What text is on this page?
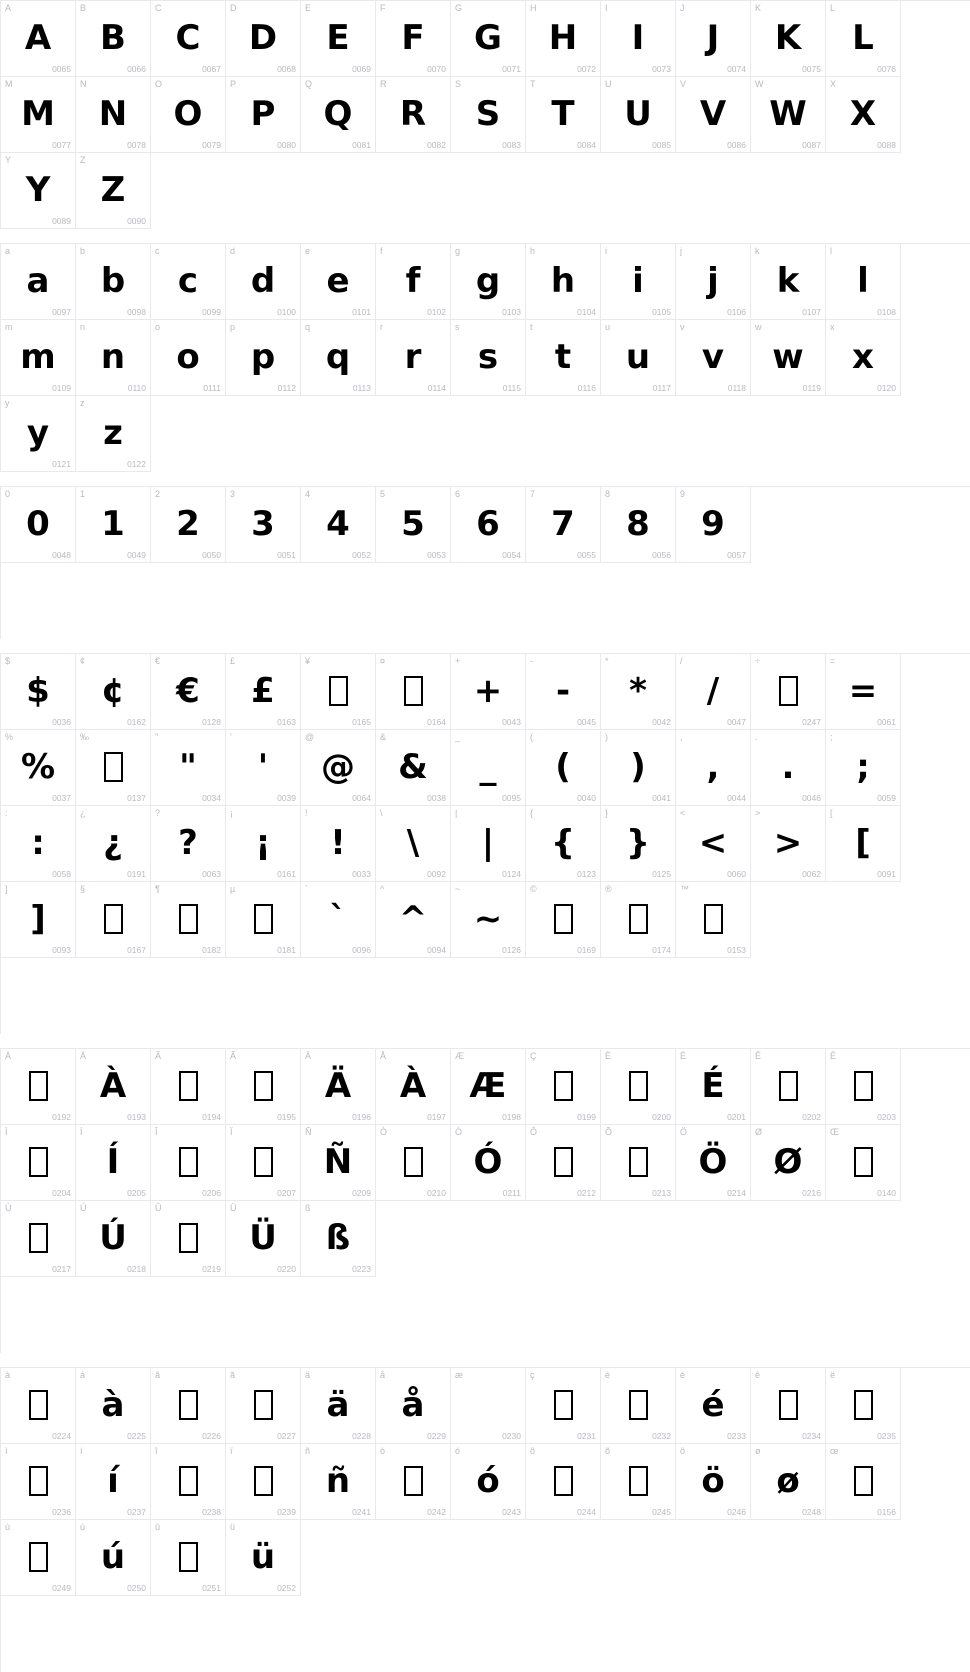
A
A
0065
B
B
0066
C
C
0067
D
D
0068
E
E
0069
F
F
0070
G
G
0071
H
H
0072
I
I
0073
J
J
0074
K
K
0075
L
L
0076
M
M
0077
N
N
0078
O
O
0079
P
P
0080
Q
Q
0081
R
R
0082
S
S
0083
T
T
0084
U
U
0085
V
V
0086
W
W
0087
X
X
0088
Y
Y
0089
Z
Z
0090
a
a
0097
b
b
0098
c
c
0099
d
d
0100
e
e
0101
f
f
0102
g
g
0103
h
h
0104
i
i
0105
j
j
0106
k
k
0107
l
l
0108
m
m
0109
n
n
0110
o
o
0111
p
p
0112
q
q
0113
r
r
0114
s
s
0115
t
t
0116
u
u
0117
v
v
0118
w
w
0119
x
x
0120
y
y
0121
z
z
0122
0
0
0048
1
1
0049
2
2
0050
3
3
0051
4
4
0052
5
5
0053
6
6
0054
7
7
0055
8
8
0056
9
9
0057
$
$
0036
¢
¢
0162
€
€
0128
£
£
0163
¥
0165
¤
0164
+
+
0043
-
-
0045
*
*
0042
/
/
0047
÷
0247
=
=
0061
%
%
0037
‰
0137
"
"
0034
'
'
0039
@
@
0064
&
&
0038
_
_
0095
(
(
0040
)
)
0041
,
,
0044
.
.
0046
;
;
0059
:
:
0058
¿
¿
0191
?
?
0063
¡
¡
0161
!
!
0033
\
\
0092
|
|
0124
{
{
0123
}
}
0125
<
<
0060
>
>
0062
[
[
0091
]
]
0093
§
0167
¶
0182
µ
0181
`
`
0096
^
^
0094
~
~
0126
©
0169
®
0174
™
0153
À
0192
Á
À
0193
Â
0194
Ã
0195
Ä
Ä
0196
Å
À
0197
Æ
Æ
0198
Ç
0199
È
0200
É
É
0201
Ê
0202
Ë
0203
Ì
0204
Í
Í
0205
Î
0206
Ï
0207
Ñ
Ñ
0209
Ò
0210
Ó
Ó
0211
Ô
0212
Õ
0213
Ö
Ö
0214
Ø
Ø
0216
Œ
0140
Ù
0217
Ú
Ú
0218
Û
0219
Ü
Ü
0220
ß
ß
0223
à
0224
á
à
0225
â
0226
ã
0227
ä
ä
0228
å
å
0229
æ
0230
ç
0231
è
0232
é
é
0233
ê
0234
ë
0235
ì
0236
í
í
0237
î
0238
ï
0239
ñ
ñ
0241
ò
0242
ó
ó
0243
ô
0244
õ
0245
ö
ö
0246
ø
ø
0248
œ
0156
ù
0249
ú
ú
0250
û
0251
ü
ü
0252
